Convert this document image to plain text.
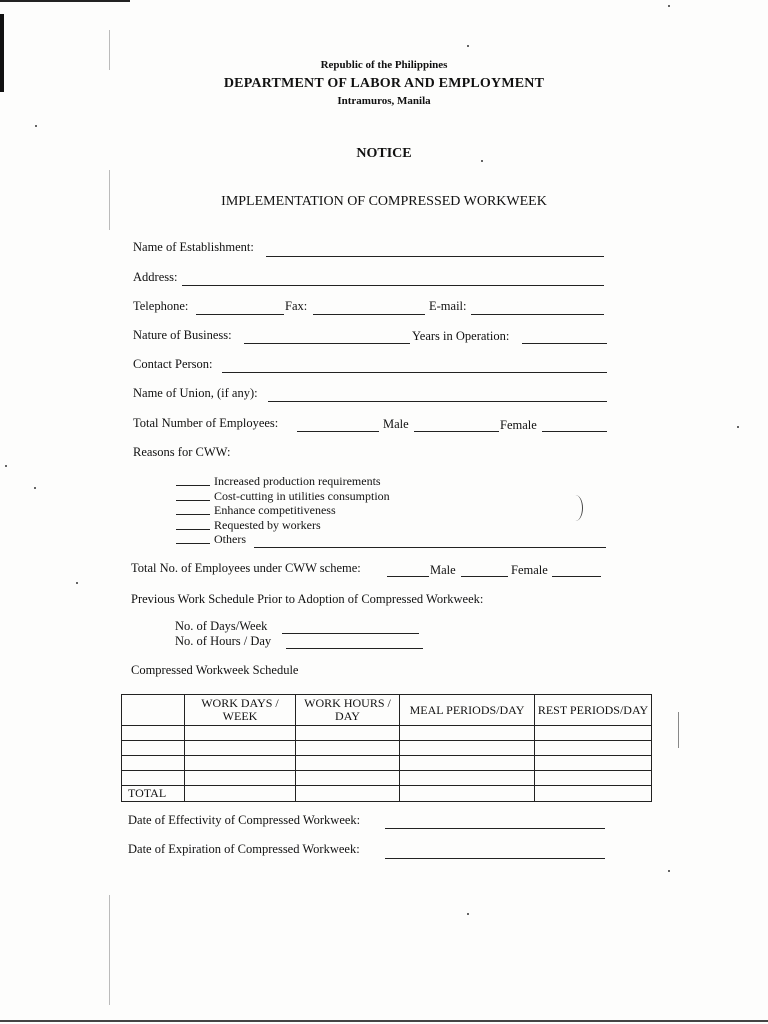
Republic of the Philippines
DEPARTMENT OF LABOR AND EMPLOYMENT
Intramuros, Manila
NOTICE
IMPLEMENTATION OF COMPRESSED WORKWEEK
Name of Establishment:
Address:
Telephone:	Fax:	E-mail:
Nature of Business:	Years in Operation:
Contact Person:
Name of Union, (if any):
Total Number of Employees:	Male	Female
Reasons for CWW:
Increased production requirements
Cost-cutting in utilities consumption
Enhance competitiveness
Requested by workers
Others
Total No. of Employees under CWW scheme:	Male	Female
Previous Work Schedule Prior to Adoption of Compressed Workweek:
No. of Days/Week
No. of Hours / Day
Compressed Workweek Schedule
	WORK DAYS / WEEK	WORK HOURS / DAY	MEAL PERIODS/DAY	REST PERIODS/DAY

TOTAL				
Date of Effectivity of Compressed Workweek:
Date of Expiration of Compressed Workweek:
